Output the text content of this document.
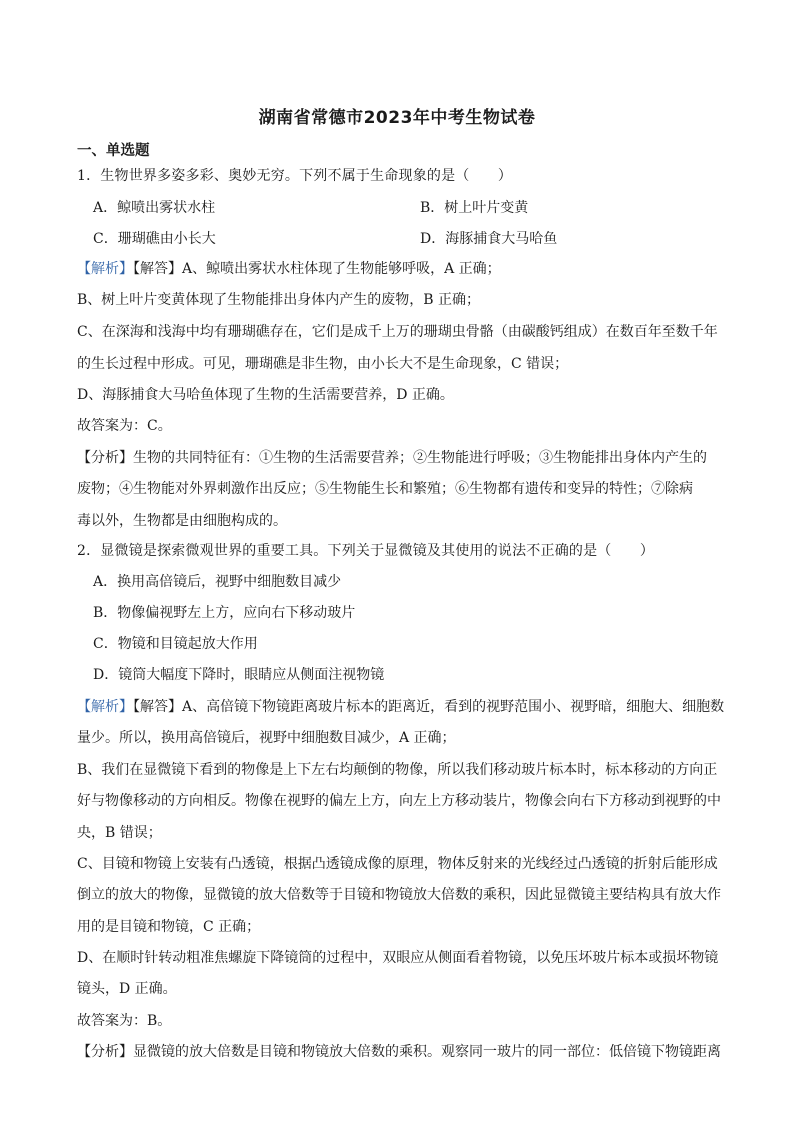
湖南省常德市2023年中考生物试卷
一、单选题
1．生物世界多姿多彩、奥妙无穷。下列不属于生命现象的是（　　）
A．鲸喷出雾状水柱	B．树上叶片变黄
C．珊瑚礁由小长大	D．海豚捕食大马哈鱼
【解析】【解答】A、鲸喷出雾状水柱体现了生物能够呼吸，A 正确；
B、树上叶片变黄体现了生物能排出身体内产生的废物，B 正确；
C、在深海和浅海中均有珊瑚礁存在，它们是成千上万的珊瑚虫骨骼（由碳酸钙组成）在数百年至数千年
的生长过程中形成。可见，珊瑚礁是非生物，由小长大不是生命现象，C 错误；
D、海豚捕食大马哈鱼体现了生物的生活需要营养，D 正确。
故答案为：C。
【分析】生物的共同特征有：①生物的生活需要营养；②生物能进行呼吸；③生物能排出身体内产生的
废物；④生物能对外界刺激作出反应；⑤生物能生长和繁殖；⑥生物都有遗传和变异的特性；⑦除病
毒以外，生物都是由细胞构成的。
2．显微镜是探索微观世界的重要工具。下列关于显微镜及其使用的说法不正确的是（　　）
A．换用高倍镜后，视野中细胞数目减少
B．物像偏视野左上方，应向右下移动玻片
C．物镜和目镜起放大作用
D．镜筒大幅度下降时，眼睛应从侧面注视物镜
【解析】【解答】A、高倍镜下物镜距离玻片标本的距离近，看到的视野范围小、视野暗，细胞大、细胞数
量少。所以，换用高倍镜后，视野中细胞数目减少，A 正确；
B、我们在显微镜下看到的物像是上下左右均颠倒的物像，所以我们移动玻片标本时，标本移动的方向正
好与物像移动的方向相反。物像在视野的偏左上方，向左上方移动装片，物像会向右下方移动到视野的中
央，B 错误；
C、目镜和物镜上安装有凸透镜，根据凸透镜成像的原理，物体反射来的光线经过凸透镜的折射后能形成
倒立的放大的物像，显微镜的放大倍数等于目镜和物镜放大倍数的乘积，因此显微镜主要结构具有放大作
用的是目镜和物镜，C 正确；
D、在顺时针转动粗准焦螺旋下降镜筒的过程中，双眼应从侧面看着物镜，以免压坏玻片标本或损坏物镜
镜头，D 正确。
故答案为：B。
【分析】显微镜的放大倍数是目镜和物镜放大倍数的乘积。观察同一玻片的同一部位：低倍镜下物镜距离
